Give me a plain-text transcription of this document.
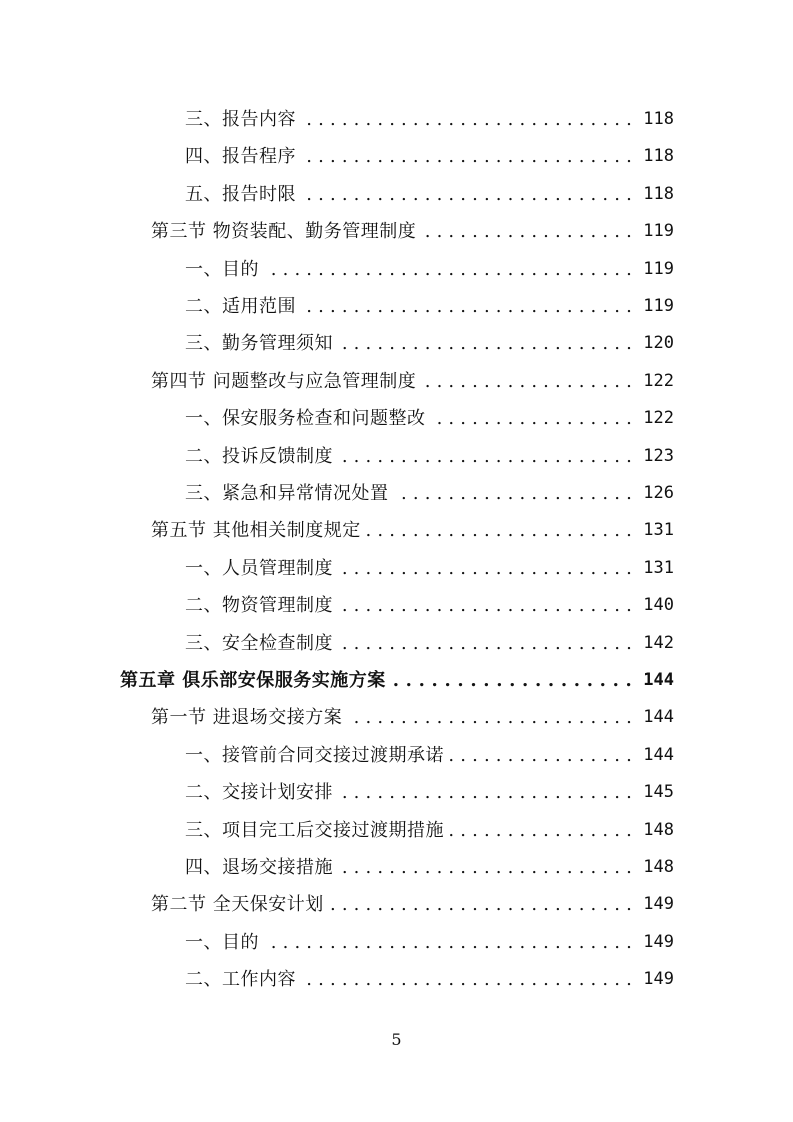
三、报告内容 . . .	118
四、报告程序 . . .	118
五、报告时限 . . .	118
第三节 物资装配、勤务管理制度 . . .	119
一、目的 . . .	119
二、适用范围 . . .	119
三、勤务管理须知 . . .	120
第四节 问题整改与应急管理制度 . . .	122
一、保安服务检查和问题整改 . . .	122
二、投诉反馈制度 . . .	123
三、紧急和异常情况处置 . . .	126
第五节 其他相关制度规定 . . .	131
一、人员管理制度 . . .	131
二、物资管理制度 . . .	140
三、安全检查制度 . . .	142
第五章 俱乐部安保服务实施方案 . . .	144
第一节 进退场交接方案 . . .	144
一、接管前合同交接过渡期承诺 . . .	144
二、交接计划安排 . . .	145
三、项目完工后交接过渡期措施 . . .	148
四、退场交接措施 . . .	148
第二节 全天保安计划 . . .	149
一、目的 . . .	149
二、工作内容 . . .	149
5
